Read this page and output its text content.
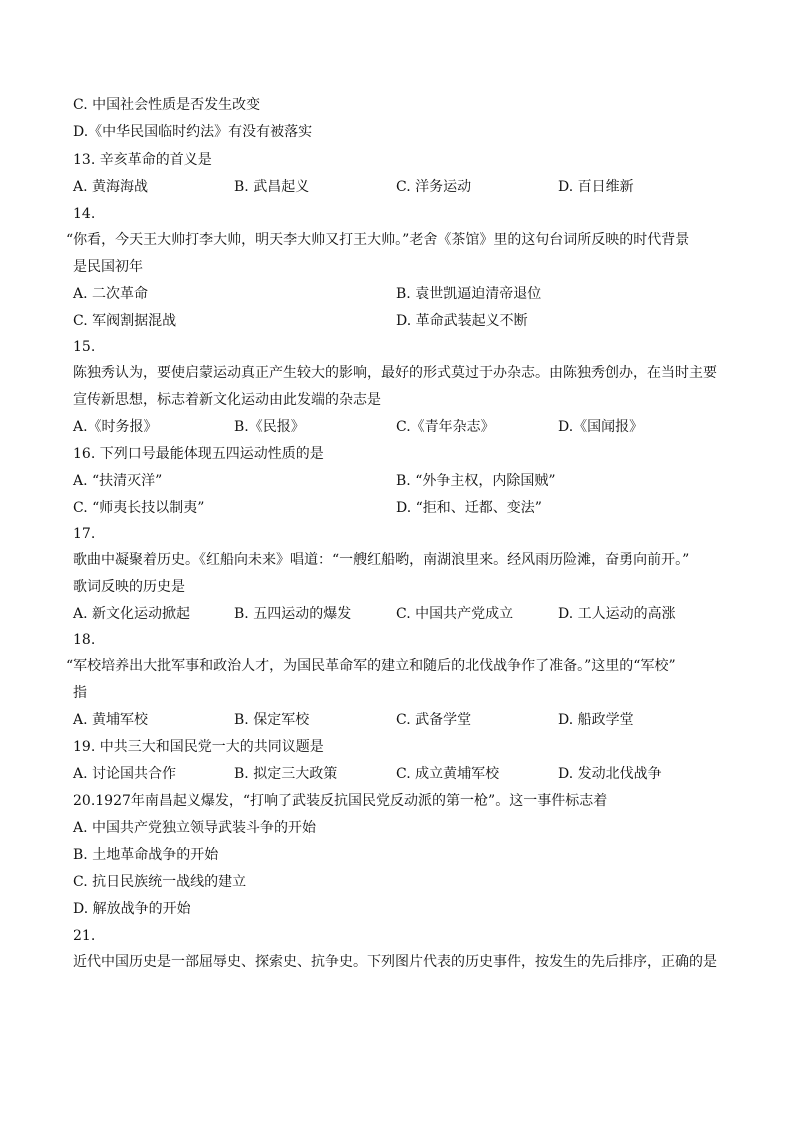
C. 中国社会性质是否发生改变
D.《中华民国临时约法》有没有被落实
13. 辛亥革命的首义是
A. 黄海海战	B. 武昌起义	C. 洋务运动	D. 百日维新
14.
“你看，今天王大帅打李大帅，明天李大帅又打王大帅。”老舍《茶馆》里的这句台词所反映的时代背景
是民国初年
A. 二次革命	B. 袁世凯逼迫清帝退位
C. 军阀割据混战	D. 革命武装起义不断
15.
陈独秀认为，要使启蒙运动真正产生较大的影响，最好的形式莫过于办杂志。由陈独秀创办，在当时主要
宣传新思想，标志着新文化运动由此发端的杂志是
A.《时务报》	B.《民报》	C.《青年杂志》	D.《国闻报》
16. 下列口号最能体现五四运动性质的是
A. “扶清灭洋”	B. “外争主权，内除国贼”
C. “师夷长技以制夷”	D. “拒和、迁都、变法”
17.
歌曲中凝聚着历史。《红船向未来》唱道：“一艘红船哟，南湖浪里来。经风雨历险滩，奋勇向前开。”
歌词反映的历史是
A. 新文化运动掀起	B. 五四运动的爆发	C. 中国共产党成立	D. 工人运动的高涨
18.
“军校培养出大批军事和政治人才，为国民革命军的建立和随后的北伐战争作了准备。”这里的“军校”
指
A. 黄埔军校	B. 保定军校	C. 武备学堂	D. 船政学堂
19. 中共三大和国民党一大的共同议题是
A. 讨论国共合作	B. 拟定三大政策	C. 成立黄埔军校	D. 发动北伐战争
20.1927年南昌起义爆发，“打响了武装反抗国民党反动派的第一枪”。这一事件标志着
A. 中国共产党独立领导武装斗争的开始
B. 土地革命战争的开始
C. 抗日民族统一战线的建立
D. 解放战争的开始
21.
近代中国历史是一部屈辱史、探索史、抗争史。下列图片代表的历史事件，按发生的先后排序，正确的是
